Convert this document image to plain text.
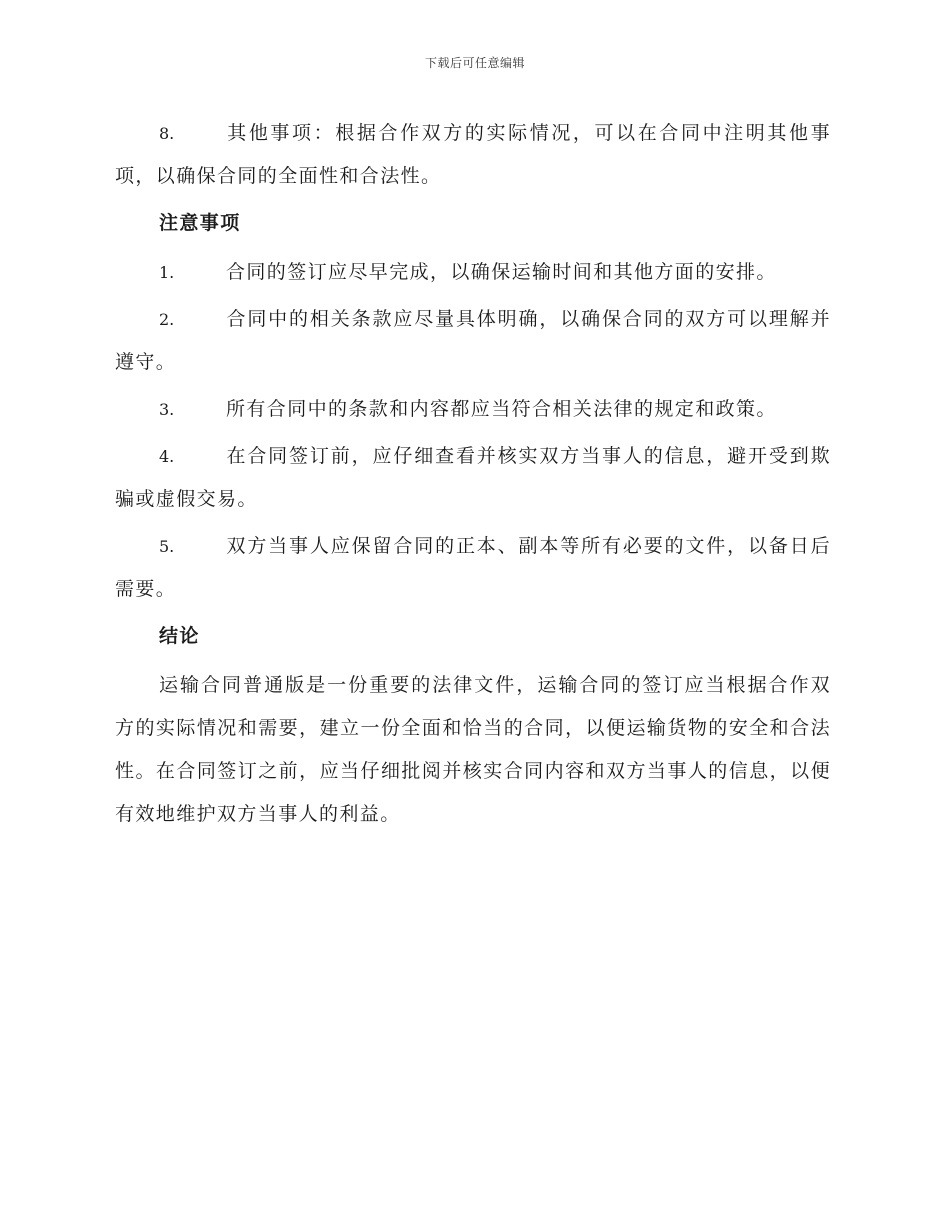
下载后可任意编辑

8.	其他事项：根据合作双方的实际情况，可以在合同中注明其他事项，以确保合同的全面性和合法性。

注意事项

1.	合同的签订应尽早完成，以确保运输时间和其他方面的安排。

2.	合同中的相关条款应尽量具体明确，以确保合同的双方可以理解并遵守。

3.	所有合同中的条款和内容都应当符合相关法律的规定和政策。

4.	在合同签订前，应仔细查看并核实双方当事人的信息，避开受到欺骗或虚假交易。

5.	双方当事人应保留合同的正本、副本等所有必要的文件，以备日后需要。

结论

运输合同普通版是一份重要的法律文件，运输合同的签订应当根据合作双方的实际情况和需要，建立一份全面和恰当的合同，以便运输货物的安全和合法性。在合同签订之前，应当仔细批阅并核实合同内容和双方当事人的信息，以便有效地维护双方当事人的利益。
